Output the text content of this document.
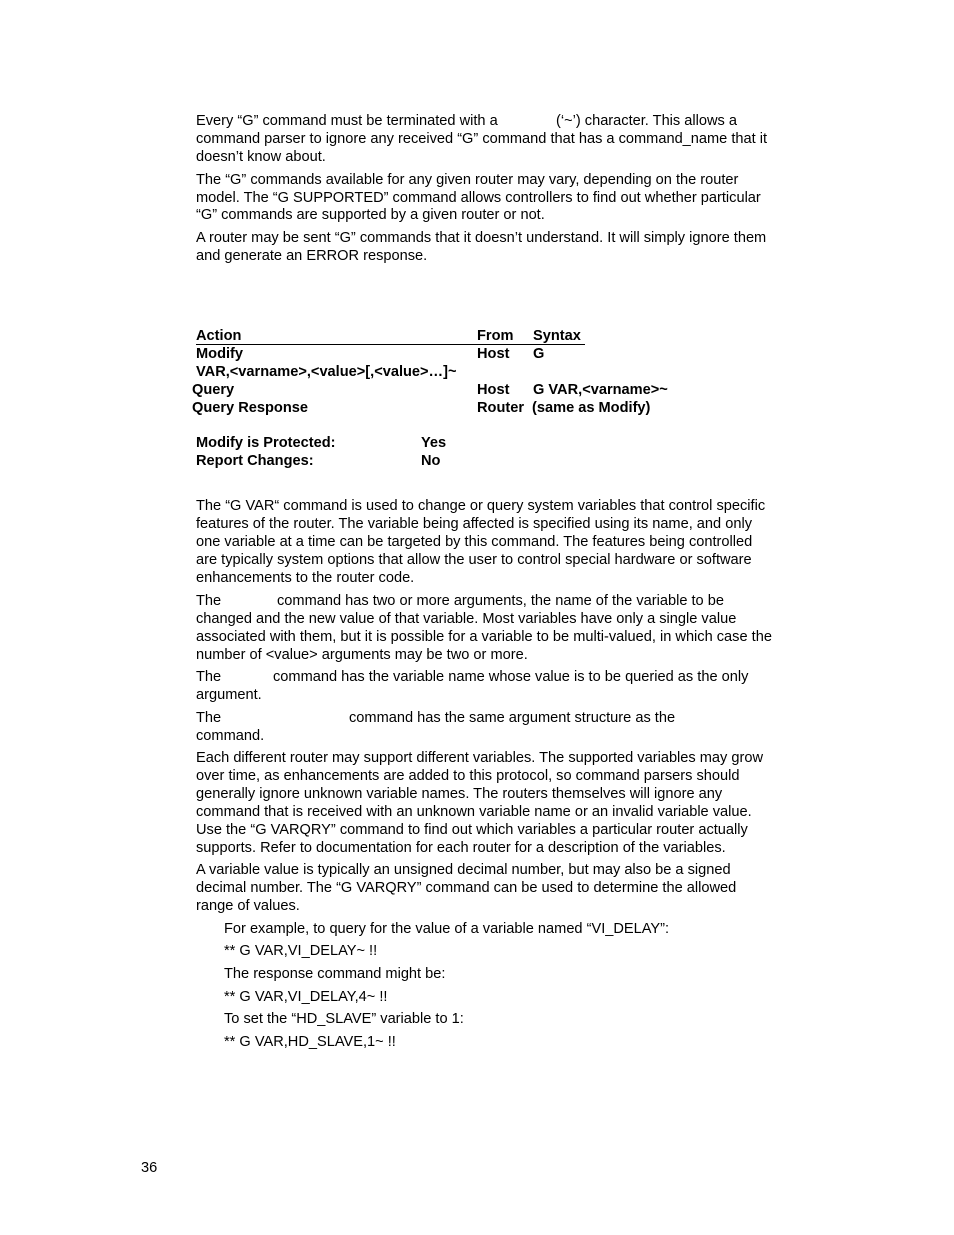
Every “G” command must be terminated with a	(‘~’) character. This allows a
command parser to ignore any received “G” command that has a command_name that it
doesn’t know about.
The “G” commands available for any given router may vary, depending on the router
model. The “G SUPPORTED” command allows controllers to find out whether particular
“G” commands are supported by a given router or not.
A router may be sent “G” commands that it doesn’t understand. It will simply ignore them
and generate an ERROR response.
Action	From Syntax
Modify	Host G
VAR,<varname>,<value>[,<value>…]~
Query	Host G VAR,<varname>~
Query Response	Router (same as Modify)
Modify is Protected:	Yes
Report Changes:	No
The “G VAR“ command is used to change or query system variables that control specific
features of the router. The variable being affected is specified using its name, and only
one variable at a time can be targeted by this command. The features being controlled
are typically system options that allow the user to control special hardware or software
enhancements to the router code.
The	command has two or more arguments, the name of the variable to be
changed and the new value of that variable. Most variables have only a single value
associated with them, but it is possible for a variable to be multi-valued, in which case the
number of <value> arguments may be two or more.
The	command has the variable name whose value is to be queried as the only
argument.
The	command has the same argument structure as the
command.
Each different router may support different variables. The supported variables may grow
over time, as enhancements are added to this protocol, so command parsers should
generally ignore unknown variable names. The routers themselves will ignore any
command that is received with an unknown variable name or an invalid variable value.
Use the “G VARQRY” command to find out which variables a particular router actually
supports. Refer to documentation for each router for a description of the variables.
A variable value is typically an unsigned decimal number, but may also be a signed
decimal number. The “G VARQRY” command can be used to determine the allowed
range of values.
For example, to query for the value of a variable named “VI_DELAY”:
** G VAR,VI_DELAY~ !!
The response command might be:
** G VAR,VI_DELAY,4~ !!
To set the “HD_SLAVE” variable to 1:
** G VAR,HD_SLAVE,1~ !!
36
